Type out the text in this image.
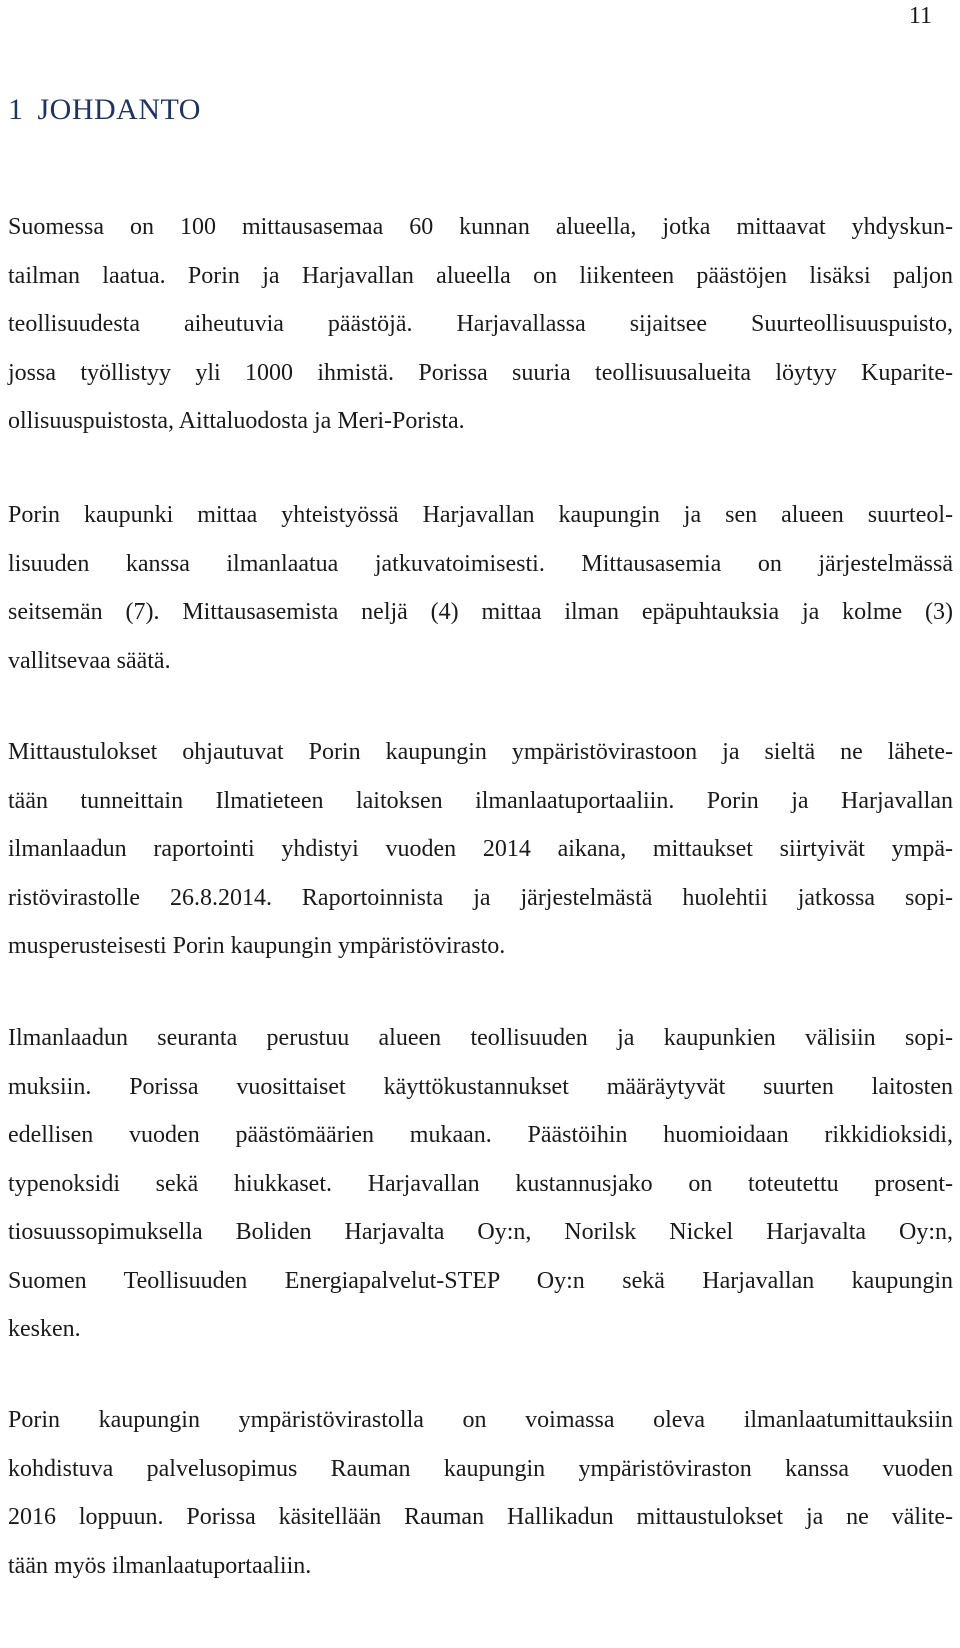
11
1 JOHDANTO

Suomessa on 100 mittausasemaa 60 kunnan alueella, jotka mittaavat yhdyskun-
tailman laatua. Porin ja Harjavallan alueella on liikenteen päästöjen lisäksi paljon
teollisuudesta aiheutuvia päästöjä. Harjavallassa sijaitsee Suurteollisuuspuisto,
jossa työllistyy yli 1000 ihmistä. Porissa suuria teollisuusalueita löytyy Kuparite-
ollisuuspuistosta, Aittaluodosta ja Meri-Porista.

Porin kaupunki mittaa yhteistyössä Harjavallan kaupungin ja sen alueen suurteol-
lisuuden kanssa ilmanlaatua jatkuvatoimisesti. Mittausasemia on järjestelmässä
seitsemän (7). Mittausasemista neljä (4) mittaa ilman epäpuhtauksia ja kolme (3)
vallitsevaa säätä.

Mittaustulokset ohjautuvat Porin kaupungin ympäristövirastoon ja sieltä ne lähete-
tään tunneittain Ilmatieteen laitoksen ilmanlaatuportaaliin. Porin ja Harjavallan
ilmanlaadun raportointi yhdistyi vuoden 2014 aikana, mittaukset siirtyivät ympä-
ristövirastolle 26.8.2014. Raportoinnista ja järjestelmästä huolehtii jatkossa sopi-
musperusteisesti Porin kaupungin ympäristövirasto.

Ilmanlaadun seuranta perustuu alueen teollisuuden ja kaupunkien välisiin sopi-
muksiin. Porissa vuosittaiset käyttökustannukset määräytyvät suurten laitosten
edellisen vuoden päästömäärien mukaan. Päästöihin huomioidaan rikkidioksidi,
typenoksidi sekä hiukkaset. Harjavallan kustannusjako on toteutettu prosent-
tiosuussopimuksella Boliden Harjavalta Oy:n, Norilsk Nickel Harjavalta Oy:n,
Suomen Teollisuuden Energiapalvelut-STEP Oy:n sekä Harjavallan kaupungin
kesken.

Porin kaupungin ympäristövirastolla on voimassa oleva ilmanlaatumittauksiin
kohdistuva palvelusopimus Rauman kaupungin ympäristöviraston kanssa vuoden
2016 loppuun. Porissa käsitellään Rauman Hallikadun mittaustulokset ja ne välite-
tään myös ilmanlaatuportaaliin.
